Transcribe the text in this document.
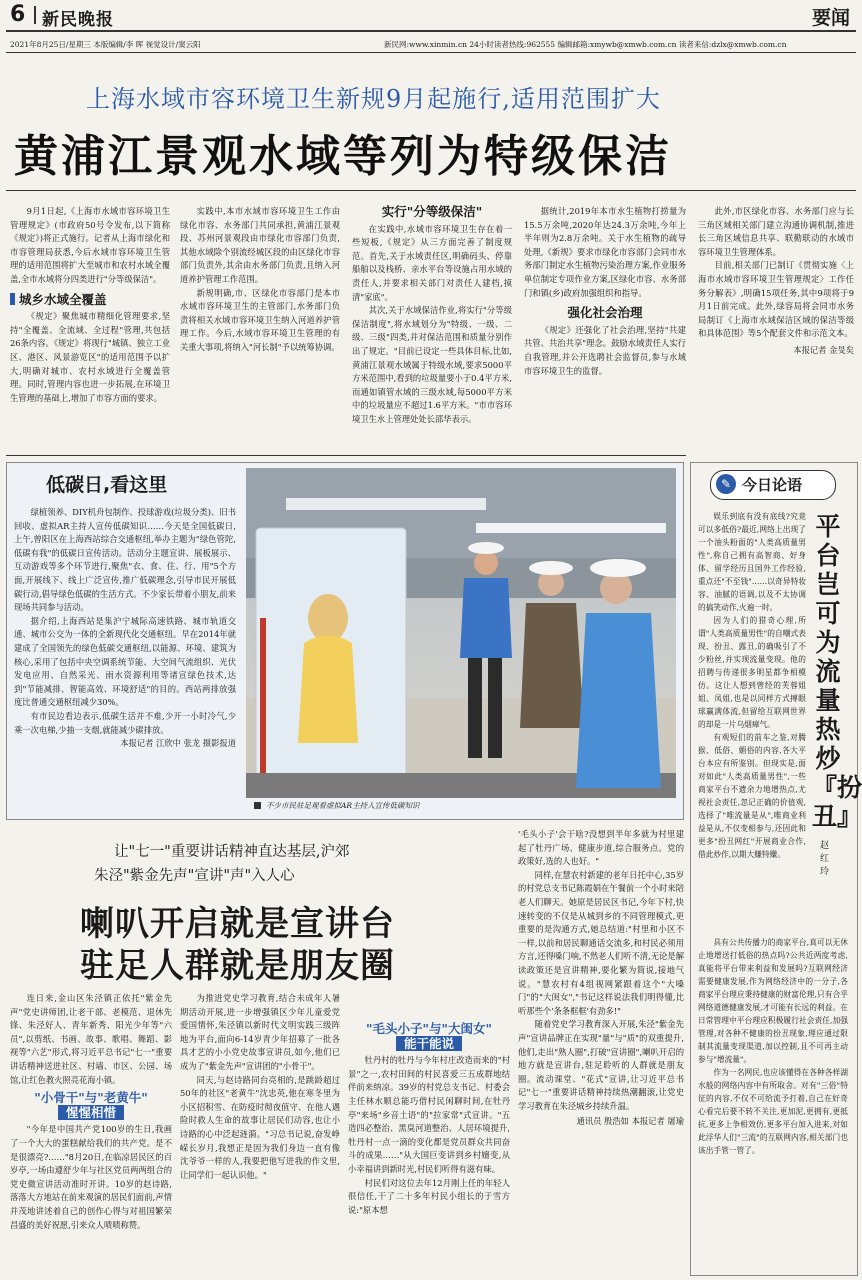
6 新民晚报	要闻
2021年8月25日/星期三 本版编辑/李 晖 视觉设计/窦云阳	新民网:www.xinmin.cn 24小时读者热线:962555 编辑邮箱:xmywb@xmwb.com.cn 读者来信:dzlx@xmwb.com.cn
上海水域市容环境卫生新规9月起施行,适用范围扩大
黄浦江景观水域等列为特级保洁

9月1日起,《上海市水域市容环境卫生管理规定》(市政府50号令发布,以下简称《规定》)将正式施行。记者从上海市绿化和市容管理局获悉,今后水域市容环境卫生管理的适用范围将扩大至城市和农村水域全覆盖,全市水域将分四类进行"分等级保洁"。

城乡水域全覆盖

《规定》聚焦城市精细化管理要求,坚持"全覆盖、全流域、全过程"管理,共包括26条内容。《规定》将现行"城镇、独立工业区、港区、风景游览区"的适用范围予以扩大,明确对城市、农村水域进行全覆盖管理。同时,管理内容也进一步拓展,在环境卫生管理的基础上,增加了市容方面的要求。

实践中,本市水域市容环境卫生工作由绿化市容、水务部门共同承担,黄浦江景观段、苏州河景观段由市绿化市容部门负责,其他水域除个别流经城区段的由区绿化市容部门负责外,其余由水务部门负责,且纳入河道养护管理工作范围。

新规明确,市、区绿化市容部门是本市水域市容环境卫生的主管部门,水务部门负责将相关水域市容环境卫生纳入河道养护管理工作。今后,水域市容环境卫生管理的有关重大事项,将纳入"河长制"予以统筹协调。

实行"分等级保洁"

在实践中,水域市容环境卫生存在着一些短板,《规定》从三方面完善了制度规范。首先,关于水域责任区,明确码头、停靠船舶以及栈桥、亲水平台等设施占用水域的责任人,并要求相关部门对责任人建档,摸清"家底"。

其次,关于水域保洁作业,将实行"分等级保洁制度",将水域划分为"特级、一级、二级、三级"四类,并对保洁范围和质量分别作出了规定。"目前已设定一些具体目标,比如,黄浦江景观水域属于特级水域,要求5000平方米范围中,看到的垃圾量要小于0.4平方米,而通如镇管水域的三级水域,每5000平方米中的垃圾量应不超过1.6平方米。"市市容环境卫生水上管理处处长邵华表示。

据统计,2019年本市水生植物打捞量为15.5万余吨,2020年达24.3万余吨,今年上半年则为2.8万余吨。关于水生植物的疏导处理,《新规》要求市绿化市容部门会同市水务部门制定水生植物污染治理方案,作业服务单位制定专项作业方案,区绿化市容、水务部门和镇(乡)政府加强组织和指导。

强化社会治理

《规定》还强化了社会治理,坚持"共建共管、共治共享"理念。鼓励水域责任人实行自我管理,并公开选聘社会监督员,参与水域市容环境卫生的监督。

此外,市区绿化市容、水务部门应与长三角区域相关部门建立沟通协调机制,推进长三角区域信息共享、联勤联动的水域市容环境卫生管理体系。

目前,相关部门已制订《贯彻实施〈上海市水域市容环境卫生管理规定〉工作任务分解表》,明确15项任务,其中9项将于9月1日前完成。此外,绿容局将会同市水务局制订《上海市水域保洁区域的保洁等级和具体范围》等5个配套文件和示范文本。

本报记者 金旻矣
低碳日,看这里

绿植领养、DIY机舟包制作、投球游戏(垃圾分类)、旧书回收、虚拟AR主持人宣传低碳知识……今天是全国低碳日,上午,曾阳区在上海西站综合交通枢纽,举办主题为"绿色管陀,低碳有我"的低碳日宣传活动。活动分主题宣讲、展板展示、互动游戏等多个环节进行,聚焦"衣、食、住、行、用"5个方面,开展线下、线上广泛宣传,推广低碳理念,引导市民开展低碳行动,倡导绿色低碳的生活方式。不少家长带着小朋友,前来现场共同参与活动。

据介绍,上海西站是集沪宁城际高速铁路、城市轨道交通、城市公交为一体的全新现代化交通枢纽。早在2014年就建成了全国领先的绿色低碳交通枢纽,以能源、环境、建筑为核心,采用了包括中央空调系统节能、大空间气流组织、光伏发电应用、自然采光、雨水资源利用等诸宣绿色技术,达到"节能减排、智能高效、环境舒适"的目的。西站两排放强度比普通交通枢纽减少30%。

有市民边看边表示,低碳生活并不难,少开一小时冷气,少乘一次电梯,少抽一支烟,就能减少碳排放。

本报记者 江欣中 张龙 摄影报道
不少市民驻足观看虚拟AR主持人宣传低碳知识
✎ 今日论语
平台岂可为流量热炒『扮丑』
赵红玲

娱乐到底有没有底线?究竟可以多低俗?最近,网络上出现了一个油头粉面的"人类高质量男性",称自己拥有高智商、好身体、留学经历且国外工作经验,重点还"不至钱"……以奇异特妆容、油腻的语调,以及不太协调的搞笑动作,火遍一时。

因为人们的猎奇心理,所谓"人类高质量男性"的自嘲式表现、扮丑、露丑,的确吸引了不少粉丝,并实现流量变现。他的招聘与传递很多明星都争相模仿。这让人想到曾经的芙蓉姐姐、凤姐,也是以同样方式搏眼球赢满体流,但留给互联网世界的却是一片乌烟瘴气。

有观短们的前车之鉴,对腾猴、低俗、媚俗的内容,各大平台本应有所鉴别。但现实是,面对如此"人类高质量男性",一些商家平台不遗余力地增热点,尤视社会责任,忽记正确的价值观,选择了"唯流量是从",唯商业利益是从,不仅变相参与,还因此和更多"扮丑网红"开展商业合作,借此炒作,以期大赚特赚。

具有公共传播力的商家平台,真可以无休止地增送打低俗的热点吗?公共近两度考虑,真能将平台带来利益和发展吗?互联网经济需要健康发展,作为网络经济中的一分子,各商家平台理应秉持健康的财富伦理,只有合乎网络道德健康发展,才可能有长远的利益。在日常管理中平台理应积极履行社会责任,加强管理,对各种不健康的扮丑现象,理应通过限制其流量变现渠道,加以控制,且不可再主动参与"增流量"。

作为一名网民,也应该懂得在各种各样湖水般的网络内容中有所取舍。对有"三俗"特征的内容,不仅不可给流予打着,自己在好奇心看完后要不转不关注,更加泥,更拥有,更抵抗,更多上争相效仿,更多平台加入进来,对如此浮华人们"三流"的互联网内容,相关部门也该出手管一管了。

让"七一"重要讲话精神直达基层,沪郊
朱泾"紫金先声"宣讲"声"入人心
喇叭开启就是宣讲台
驻足人群就是朋友圈

连日来,金山区朱泾镇正依托"紫金先声"党史讲师团,让老干部、老模范、退休先锋、朱泾好人、青年新秀、阳光少年等"六员",以剪纸、书画、故事、歌唱、舞蹈、影视等"六艺"形式,将习近平总书记"七一"重要讲话精神送进社区、村墙、市区、公园、场馆,让红色教火照亮花海小镇。

"小骨干"与"老黄牛"
惺惺相惜

"今年是中国共产党100岁的生日,我画了一个大大的蛋糕献给我们的共产党。是不是很漂亮?……"8月20日,在临凉居民区的百岁亭,一场由遵舒少年与社区党员两两组合的党史微宣讲活动准时开讲。10岁的赵诗路,落落大方地站在前来观演的居民们面前,声情并茂地讲述着自己的创作心得与对祖国繁荣昌盛的美好祝愿,引来众人啧啧称赞。

为推进党史学习教育,结合未成年人暑期活动开展,进一步增强镇区少年儿童爱党爱国情怀,朱泾镇以新时代文明实践三级阵地为平台,面向6-14岁青少年招募了一批各具才艺的小小党史故事宣讲员,如今,他们已成为了"紫金先声"宣讲团的"小骨干"。

同天,与赵诗路同台亮相的,是跳龄超过50年的社区"老黄牛"沈忠英,他在寒冬里为小区招积雪、在防疫时彻夜值守、在他人遇险时救人生命的故事让居民们动容,也让小诗路的心中泛起涟漪。"习总书记说,奋发峥嵘长岁月,我想正是因为我们身边一直有像沈爷爷一样的人,我要把他写进我的作文里,让同学们一起认识他。"

"毛头小子"与"大闺女"
能干能说

牡丹村的牡丹与今年村庄改造而来的"村景"之一,农村田间的村民喜爱三五成群地结伴前来纳凉。39岁的村党总支书记、村委会主任林水顺总能巧借村民闲聊时间,在牡丹亭"来场"乡音土语"的"拉家常"式宣讲。"五造四必整治、黑臭河道整治、人居环境提升,牡丹村一点一滴的变化都是党员群众共同奋斗的成果……"从大国巨变讲到乡村嬗变,从小幸福讲到新时光,村民们听得有滋有味。

村民们对这位去年12月刚上任的年轻人很信任,干了二十多年村民小组长的于雪方说:"原本想

'毛头小子'会干啥?没想到半年多就为村里建起了牡丹广场、健康步道,综合服务点。党的政策好,选的人也好。"

同样,在慧农村新建的老年日托中心,35岁的村党总支书记陈霞娟在午餐前一个小时来陪老人们聊天。她原是居民区书记,今年下村,快速转变的不仅是从城到乡的不同管理模式,更重要的是沟通方式,她总结道:"村里和小区不一样,以前和居民聊通话交流多,和村民必须用方言,还得嗓门响,不然老人们听不清,无论是解读政策还是宣讲精神,要化繁为简说,接地气说。"慧农村有4组视网紧跟着这个"大嗓门"的"大闺女","书记这样说法我们明得懂,比听那些个'条条框框'有劲多!"

随着党史学习教育深入开展,朱泾"紫金先声"宣讲品牌正在实现"量"与"质"的双重提升,他们,走出"熟人圈",打破"宣讲圈",喇叭开启的地方就是宣讲台,驻足聆听的人群就是朋友圈。流动课堂、"花式"宣讲,让习近平总书记"七一"重要讲话精神持续热潮翻滚,让党史学习教育在朱泾城乡持续升温。

通讯员 殷浩如 本报记者 屠瑜
